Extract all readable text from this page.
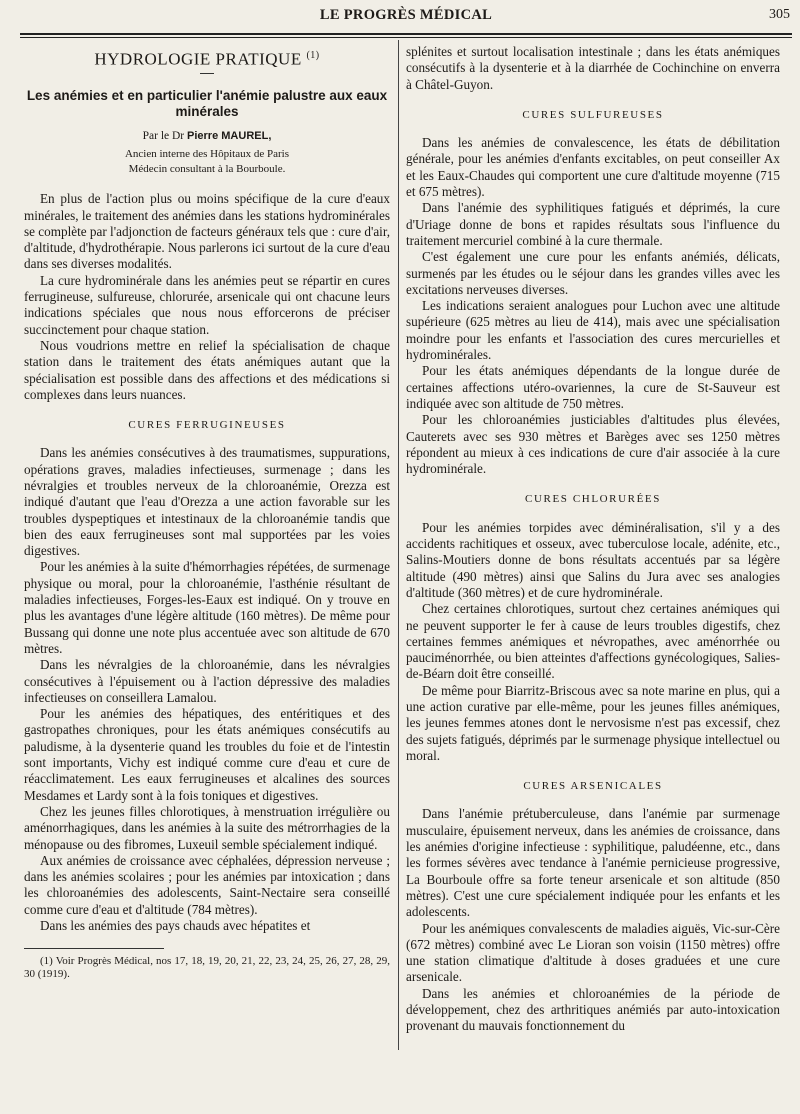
LE PROGRÈS MÉDICAL	305
HYDROLOGIE PRATIQUE $^{(1)}$
Les anémies et en particulier l'anémie palustre aux eaux minérales
Par le Dr Pierre MAUREL,
Ancien interne des Hôpitaux de Paris
Médecin consultant à la Bourboule.

En plus de l'action plus ou moins spécifique de la cure d'eaux minérales, le traitement des anémies dans les stations hydrominérales se complète par l'adjonction de facteurs généraux tels que : cure d'air, d'altitude, d'hydrothérapie. Nous parlerons ici surtout de la cure d'eau dans ses diverses modalités.

La cure hydrominérale dans les anémies peut se répartir en cures ferrugineuse, sulfureuse, chlorurée, arsenicale qui ont chacune leurs indications spéciales que nous nous efforcerons de préciser succinctement pour chaque station.

Nous voudrions mettre en relief la spécialisation de chaque station dans le traitement des états anémiques autant que la spécialisation est possible dans des affections et des médications si complexes dans leurs nuances.

CURES FERRUGINEUSES

Dans les anémies consécutives à des traumatismes, suppurations, opérations graves, maladies infectieuses, surmenage ; dans les névralgies et troubles nerveux de la chloroanémie, Orezza est indiqué d'autant que l'eau d'Orezza a une action favorable sur les troubles dyspeptiques et intestinaux de la chloroanémie tandis que bien des eaux ferrugineuses sont mal supportées par les voies digestives.

Pour les anémies à la suite d'hémorrhagies répétées, de surmenage physique ou moral, pour la chloroanémie, l'asthénie résultant de maladies infectieuses, Forges-les-Eaux est indiqué. On y trouve en plus les avantages d'une légère altitude (160 mètres). De même pour Bussang qui donne une note plus accentuée avec son altitude de 670 mètres.

Dans les névralgies de la chloroanémie, dans les névralgies consécutives à l'épuisement ou à l'action dépressive des maladies infectieuses on conseillera Lamalou.

Pour les anémies des hépatiques, des entéritiques et des gastropathes chroniques, pour les états anémiques consécutifs au paludisme, à la dysenterie quand les troubles du foie et de l'intestin sont importants, Vichy est indiqué comme cure d'eau et cure de réacclimatement. Les eaux ferrugineuses et alcalines des sources Mesdames et Lardy sont à la fois toniques et digestives.

Chez les jeunes filles chlorotiques, à menstruation irrégulière ou aménorrhagiques, dans les anémies à la suite des métrorrhagies de la ménopause ou des fibromes, Luxeuil semble spécialement indiqué.

Aux anémies de croissance avec céphalées, dépression nerveuse ; dans les anémies scolaires ; pour les anémies par intoxication ; dans les chloroanémies des adolescents, Saint-Nectaire sera conseillé comme cure d'eau et d'altitude (784 mètres).

Dans les anémies des pays chauds avec hépatites et

(1) Voir Progrès Médical, nos 17, 18, 19, 20, 21, 22, 23, 24, 25, 26, 27, 28, 29, 30 (1919).

splénites et surtout localisation intestinale ; dans les états anémiques consécutifs à la dysenterie et à la diarrhée de Cochinchine on enverra à Châtel-Guyon.

CURES SULFUREUSES

Dans les anémies de convalescence, les états de débilitation générale, pour les anémies d'enfants excitables, on peut conseiller Ax et les Eaux-Chaudes qui comportent une cure d'altitude moyenne (715 et 675 mètres).

Dans l'anémie des syphilitiques fatigués et déprimés, la cure d'Uriage donne de bons et rapides résultats sous l'influence du traitement mercuriel combiné à la cure thermale.

C'est également une cure pour les enfants anémiés, délicats, surmenés par les études ou le séjour dans les grandes villes avec les excitations nerveuses diverses.

Les indications seraient analogues pour Luchon avec une altitude supérieure (625 mètres au lieu de 414), mais avec une spécialisation moindre pour les enfants et l'association des cures mercurielles et hydrominérales.

Pour les états anémiques dépendants de la longue durée de certaines affections utéro-ovariennes, la cure de St-Sauveur est indiquée avec son altitude de 750 mètres.

Pour les chloroanémies justiciables d'altitudes plus élevées, Cauterets avec ses 930 mètres et Barèges avec ses 1250 mètres répondent au mieux à ces indications de cure d'air associée à la cure hydrominérale.

CURES CHLORURÉES

Pour les anémies torpides avec déminéralisation, s'il y a des accidents rachitiques et osseux, avec tuberculose locale, adénite, etc., Salins-Moutiers donne de bons résultats accentués par sa légère altitude (490 mètres) ainsi que Salins du Jura avec ses analogies d'altitude (360 mètres) et de cure hydrominérale.

Chez certaines chlorotiques, surtout chez certaines anémiques qui ne peuvent supporter le fer à cause de leurs troubles digestifs, chez certaines femmes anémiques et névropathes, avec aménorrhée ou pauciménorrhée, ou bien atteintes d'affections gynécologiques, Salies-de-Béarn doit être conseillé.

De même pour Biarritz-Briscous avec sa note marine en plus, qui a une action curative par elle-même, pour les jeunes filles anémiques, les jeunes femmes atones dont le nervosisme n'est pas excessif, chez des sujets fatigués, déprimés par le surmenage physique intellectuel ou moral.

CURES ARSENICALES

Dans l'anémie prétuberculeuse, dans l'anémie par surmenage musculaire, épuisement nerveux, dans les anémies de croissance, dans les anémies d'origine infectieuse : syphilitique, paludéenne, etc., dans les formes sévères avec tendance à l'anémie pernicieuse progressive, La Bourboule offre sa forte teneur arsenicale et son altitude (850 mètres). C'est une cure spécialement indiquée pour les enfants et les adolescents.

Pour les anémiques convalescents de maladies aiguës, Vic-sur-Cère (672 mètres) combiné avec Le Lioran son voisin (1150 mètres) offre une station climatique d'altitude à doses graduées et une cure arsenicale.

Dans les anémies et chloroanémies de la période de développement, chez des arthritiques anémiés par auto-intoxication provenant du mauvais fonctionnement du
